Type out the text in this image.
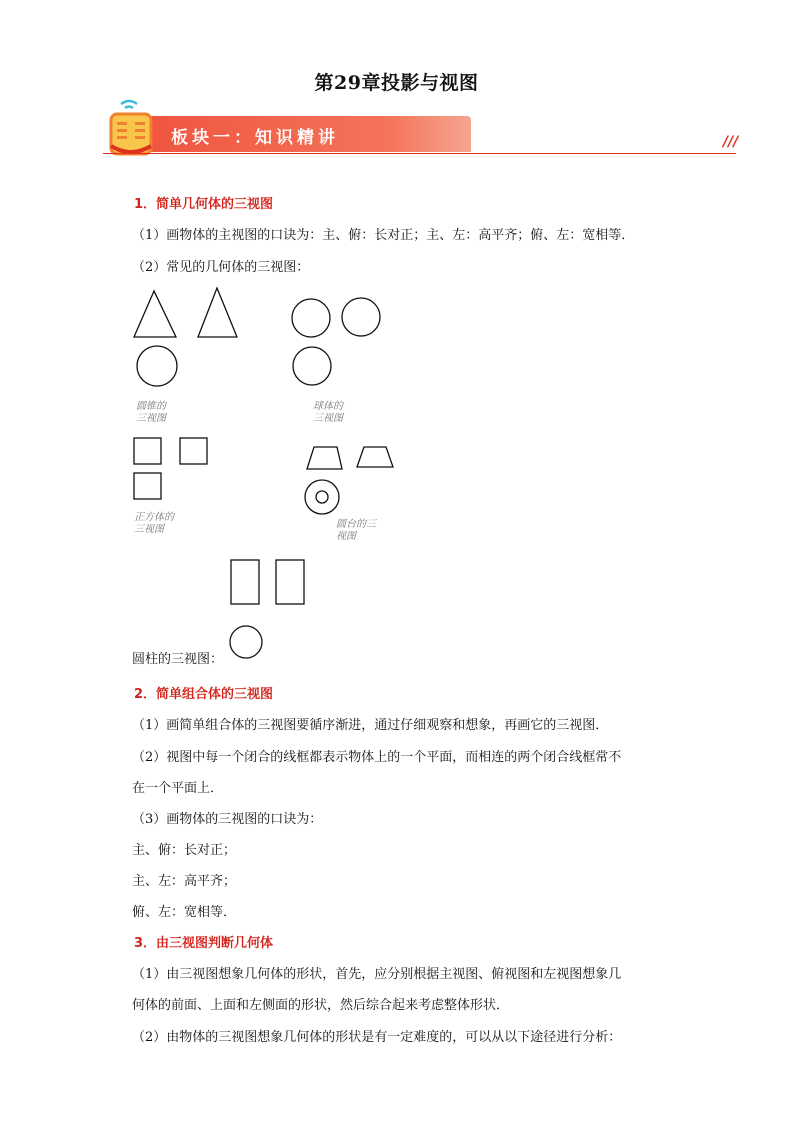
第29章投影与视图
板块一：知识精讲	///
1．简单几何体的三视图
（1）画物体的主视图的口诀为：主、俯：长对正；主、左：高平齐；俯、左：宽相等．
（2）常见的几何体的三视图：
圆锥的
三视图
球体的
三视图
正方体的
三视图	圆台的三
视图
圆柱的三视图：
2．简单组合体的三视图
（1）画简单组合体的三视图要循序渐进，通过仔细观察和想象，再画它的三视图．
（2）视图中每一个闭合的线框都表示物体上的一个平面，而相连的两个闭合线框常不
在一个平面上．
（3）画物体的三视图的口诀为：
主、俯：长对正；
主、左：高平齐；
俯、左：宽相等．
3．由三视图判断几何体
（1）由三视图想象几何体的形状，首先，应分别根据主视图、俯视图和左视图想象几
何体的前面、上面和左侧面的形状，然后综合起来考虑整体形状．
（2）由物体的三视图想象几何体的形状是有一定难度的，可以从以下途径进行分析：
